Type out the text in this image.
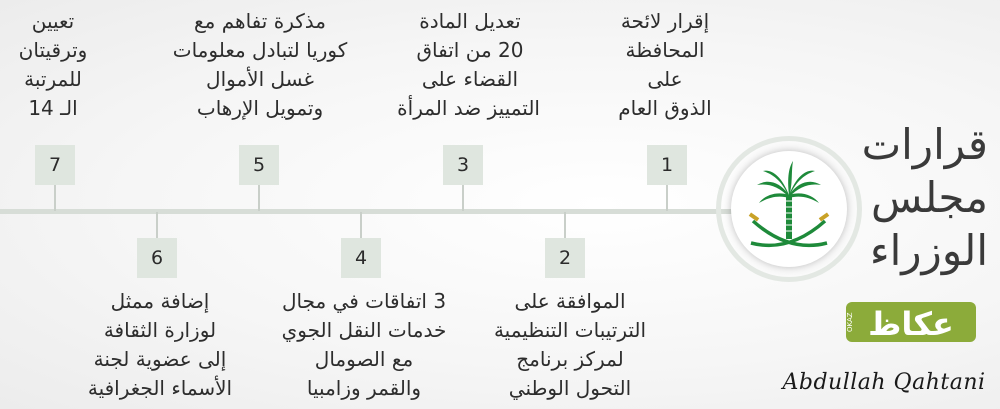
إقرار لائحة
المحافظة
على
الذوق العام
1
2
الموافقة على
الترتيبات التنظيمية
لمركز برنامج
التحول الوطني
تعديل المادة
20 من اتفاق
القضاء على
التمييز ضد المرأة
3
4
3 اتفاقات في مجال
خدمات النقل الجوي
مع الصومال
والقمر وزامبيا
مذكرة تفاهم مع
كوريا لتبادل معلومات
غسل الأموال
وتمويل الإرهاب
5
6
إضافة ممثل
لوزارة الثقافة
إلى عضوية لجنة
الأسماء الجغرافية
تعيين
وترقيتان
للمرتبة
الـ 14
7	قرارات
مجلس
الوزراء
عكاظ
OKAZ
Abdullah Qahtani
